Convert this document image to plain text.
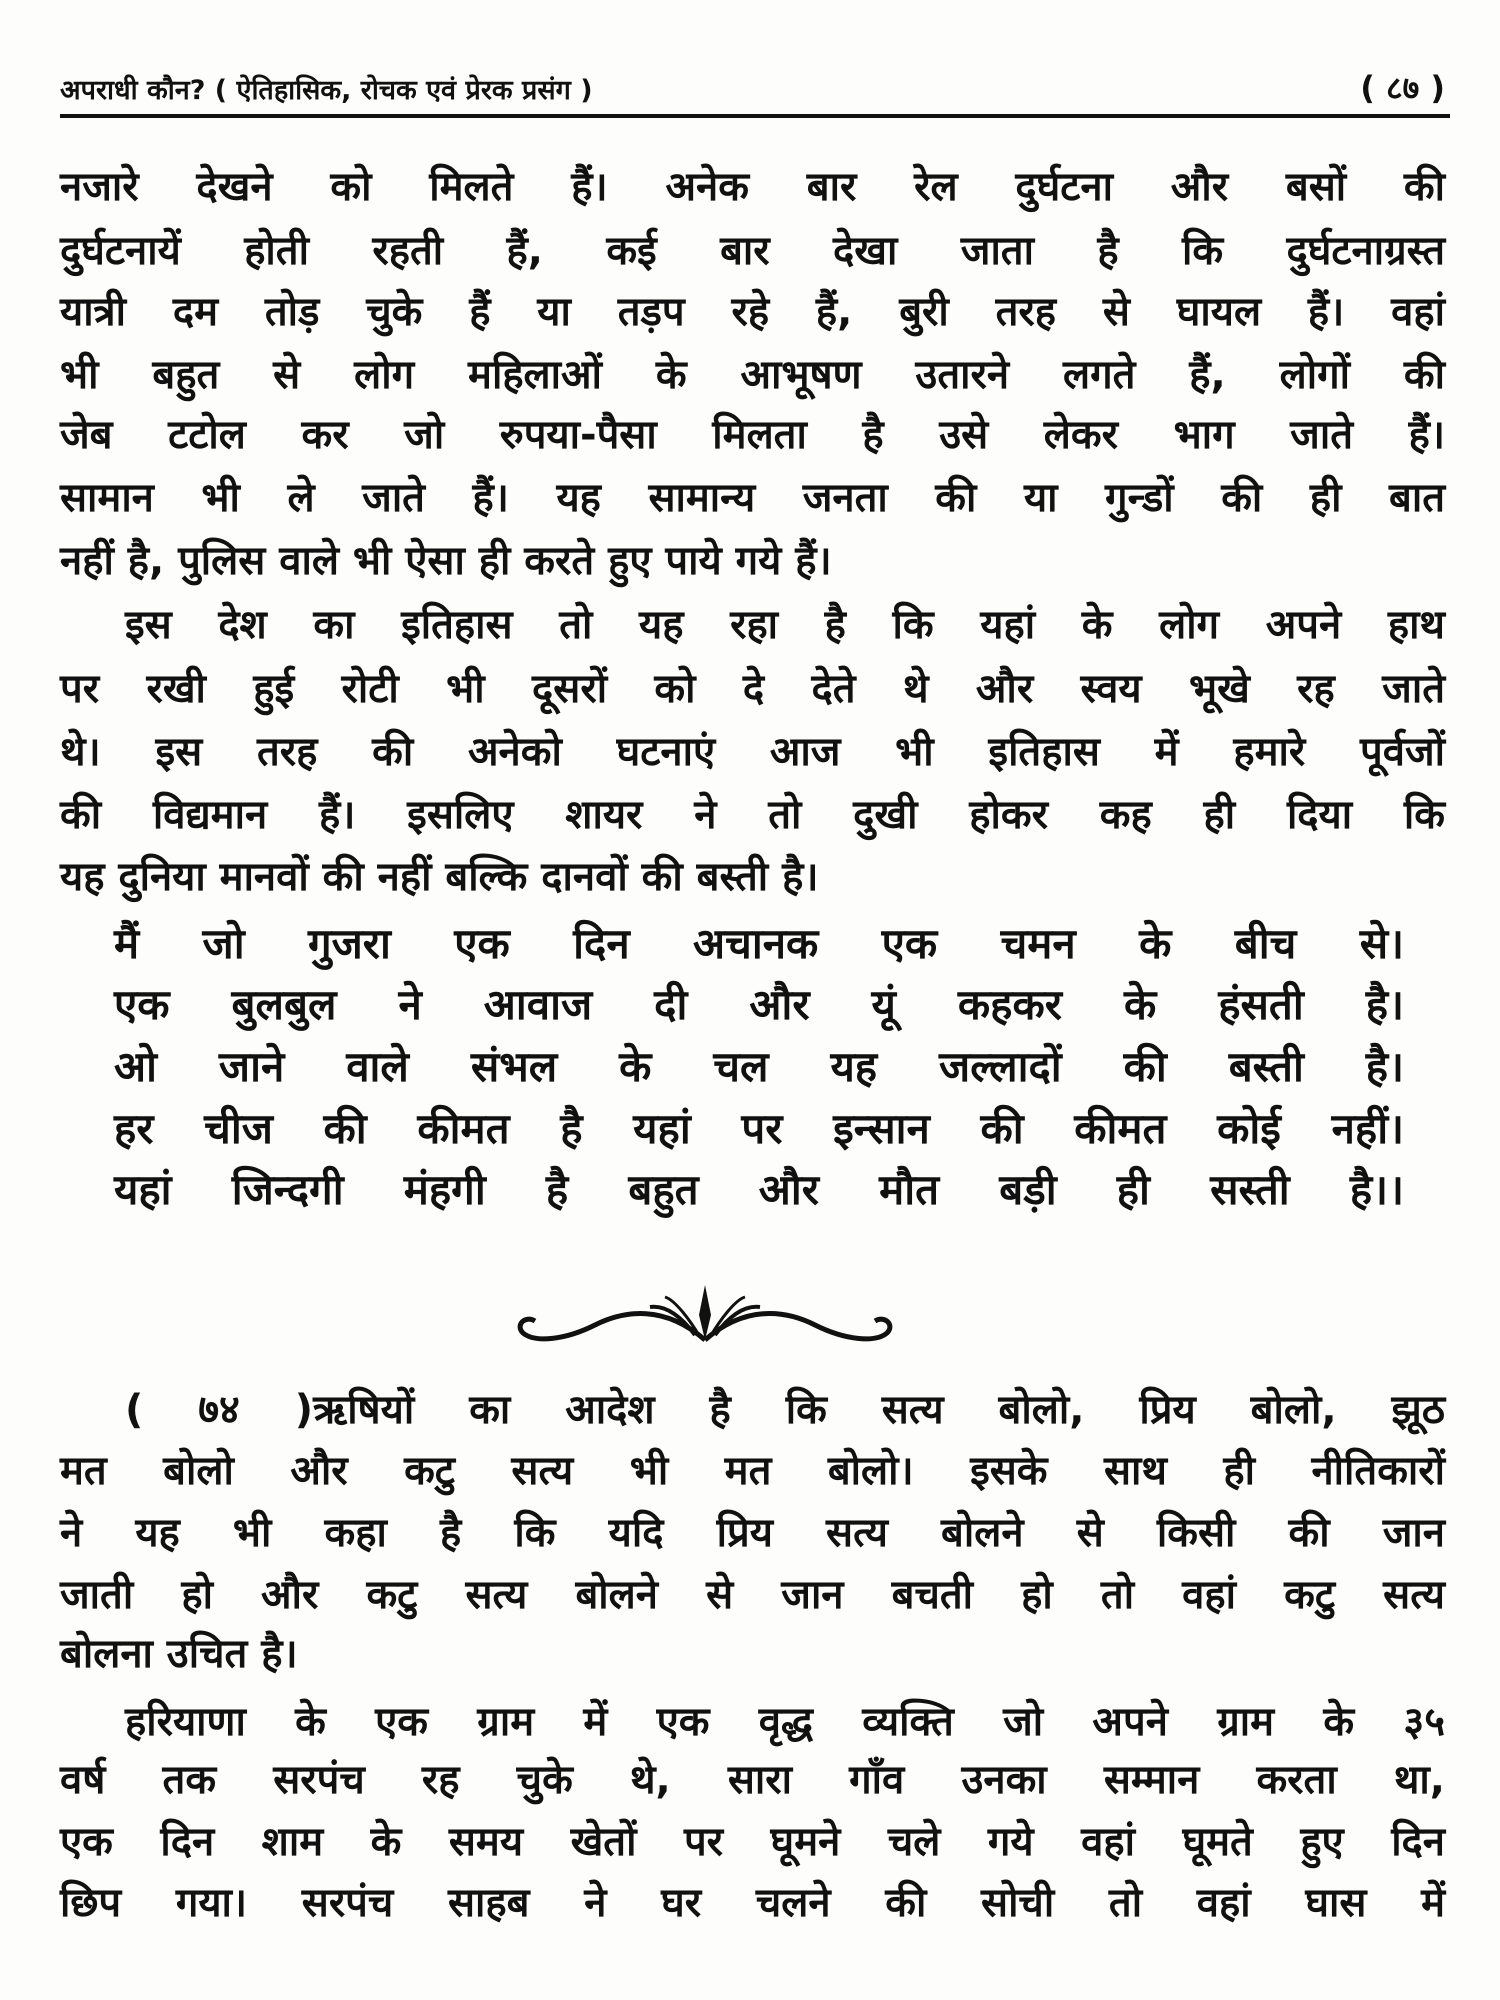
अपराधी कौन? ( ऐतिहासिक, रोचक एवं प्रेरक प्रसंग )	( ८७ )
नजारे देखने को मिलते हैं। अनेक बार रेल दुर्घटना और बसों की
दुर्घटनायें होती रहती हैं, कई बार देखा जाता है कि दुर्घटनाग्रस्त
यात्री दम तोड़ चुके हैं या तड़प रहे हैं, बुरी तरह से घायल हैं। वहां
भी बहुत से लोग महिलाओं के आभूषण उतारने लगते हैं, लोगों की
जेब टटोल कर जो रुपया-पैसा मिलता है उसे लेकर भाग जाते हैं।
सामान भी ले जाते हैं। यह सामान्य जनता की या गुन्डों की ही बात
नहीं है, पुलिस वाले भी ऐसा ही करते हुए पाये गये हैं।
इस देश का इतिहास तो यह रहा है कि यहां के लोग अपने हाथ
पर रखी हुई रोटी भी दूसरों को दे देते थे और स्वय भूखे रह जाते
थे। इस तरह की अनेको घटनाएं आज भी इतिहास में हमारे पूर्वजों
की विद्यमान हैं। इसलिए शायर ने तो दुखी होकर कह ही दिया कि
यह दुनिया मानवों की नहीं बल्कि दानवों की बस्ती है।
मैं जो गुजरा एक दिन अचानक एक चमन के बीच से।
एक बुलबुल ने आवाज दी और यूं कहकर के हंसती है।
ओ जाने वाले संभल के चल यह जल्लादों की बस्ती है।
हर चीज की कीमत है यहां पर इन्सान की कीमत कोई नहीं।
यहां जिन्दगी मंहगी है बहुत और मौत बड़ी ही सस्ती है।।
( ७४ )ऋषियों का आदेश है कि सत्य बोलो, प्रिय बोलो, झूठ
मत बोलो और कटु सत्य भी मत बोलो। इसके साथ ही नीतिकारों
ने यह भी कहा है कि यदि प्रिय सत्य बोलने से किसी की जान
जाती हो और कटु सत्य बोलने से जान बचती हो तो वहां कटु सत्य
बोलना उचित है।
हरियाणा के एक ग्राम में एक वृद्ध व्यक्ति जो अपने ग्राम के ३५
वर्ष तक सरपंच रह चुके थे, सारा गाँव उनका सम्मान करता था,
एक दिन शाम के समय खेतों पर घूमने चले गये वहां घूमते हुए दिन
छिप गया। सरपंच साहब ने घर चलने की सोची तो वहां घास में
